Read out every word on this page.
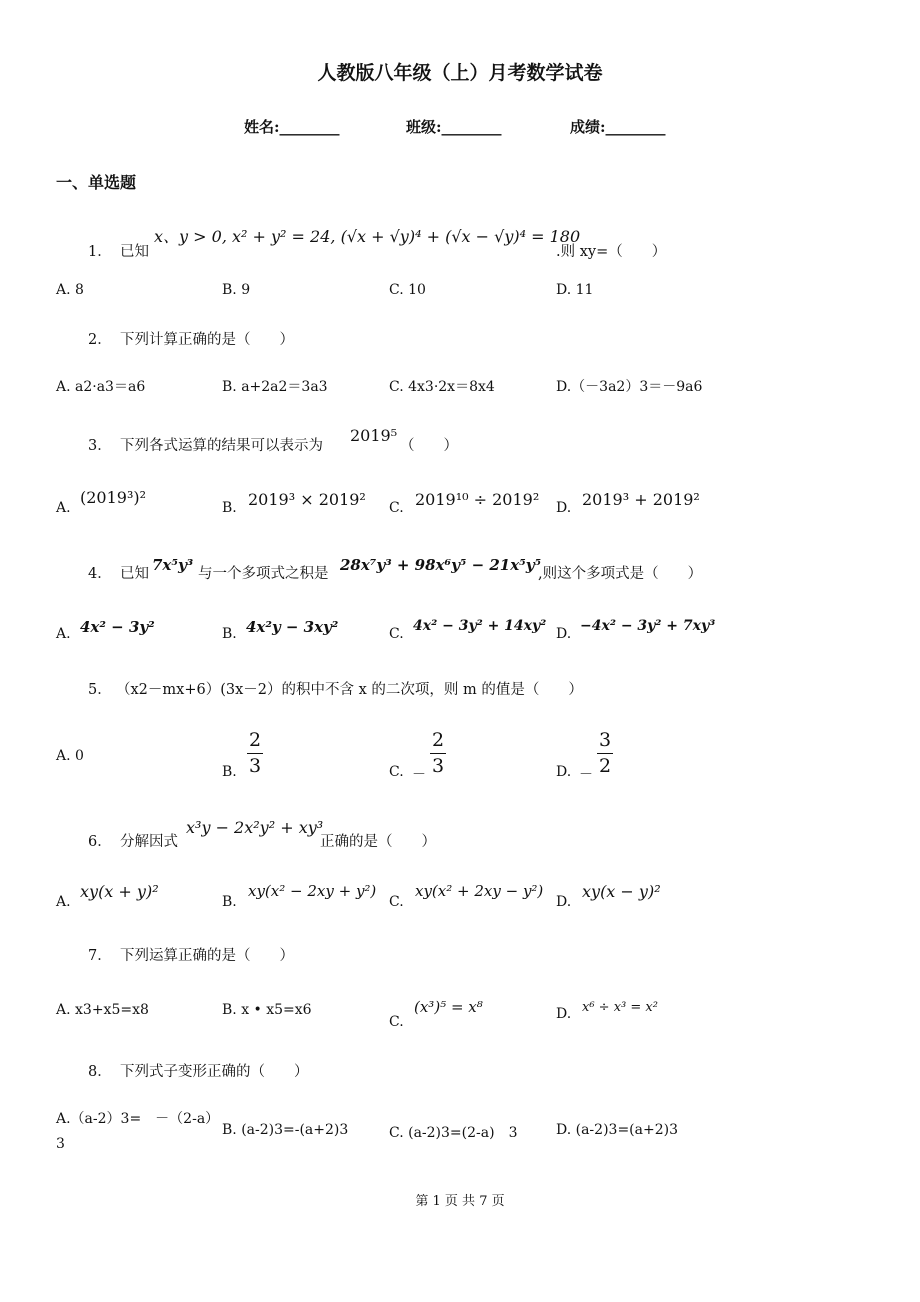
人教版八年级（上）月考数学试卷
姓名:________	班级:________	成绩:________
一、单选题
1． 已知
x、y > 0, x² + y² = 24, (√x + √y)⁴ + (√x − √y)⁴ = 180
.则 xy=（　　）
A. 8	B. 9	C. 10	D. 11
2． 下列计算正确的是（　　）
A. a2·a3＝a6	B. a+2a2＝3a3	C. 4x3·2x＝8x4	D.（－3a2）3＝－9a6
3． 下列各式运算的结果可以表示为
2019⁵
（　　）
A.
(2019³)²
B. 2019³ × 2019² C. 2019¹⁰ ÷ 2019² D. 2019³ + 2019²
4． 已知 7x⁵y³ 与一个多项式之积是 28x⁷y³ + 98x⁶y⁵ − 21x⁵y⁵
,则这个多项式是（　　）
A. 4x² − 3y²	B. 4x²y − 3xy²	C. 4x² − 3y² + 14xy² D. −4x² − 3y² + 7xy³
5． （x2－mx+6）(3x－2）的积中不含 x 的二次项，则 m 的值是（　　）
A. 0
B. $\frac{2}{3}$	C. － $\frac{2}{3}$	D. － $\frac{3}{2}$
6． 分解因式
x³y − 2x²y² + xy³
正确的是（　　）
A.
xy(x + y)²
B.
xy(x² − 2xy + y²)
C.
xy(x² + 2xy − y²)
D.
xy(x − y)²
7． 下列运算正确的是（　　）
A. x3+x5=x8	B. x • x5=x6
C.
(x³)⁵ = x⁸	D. x⁶ ÷ x³ = x²
8． 下列式子变形正确的（　　）
A.（a-2）3=　－（2-a）
3
B. (a-2)3=-(a+2)3	C. (a-2)3=(2-a)　3	D. (a-2)3=(a+2)3
第 1 页 共 7 页
